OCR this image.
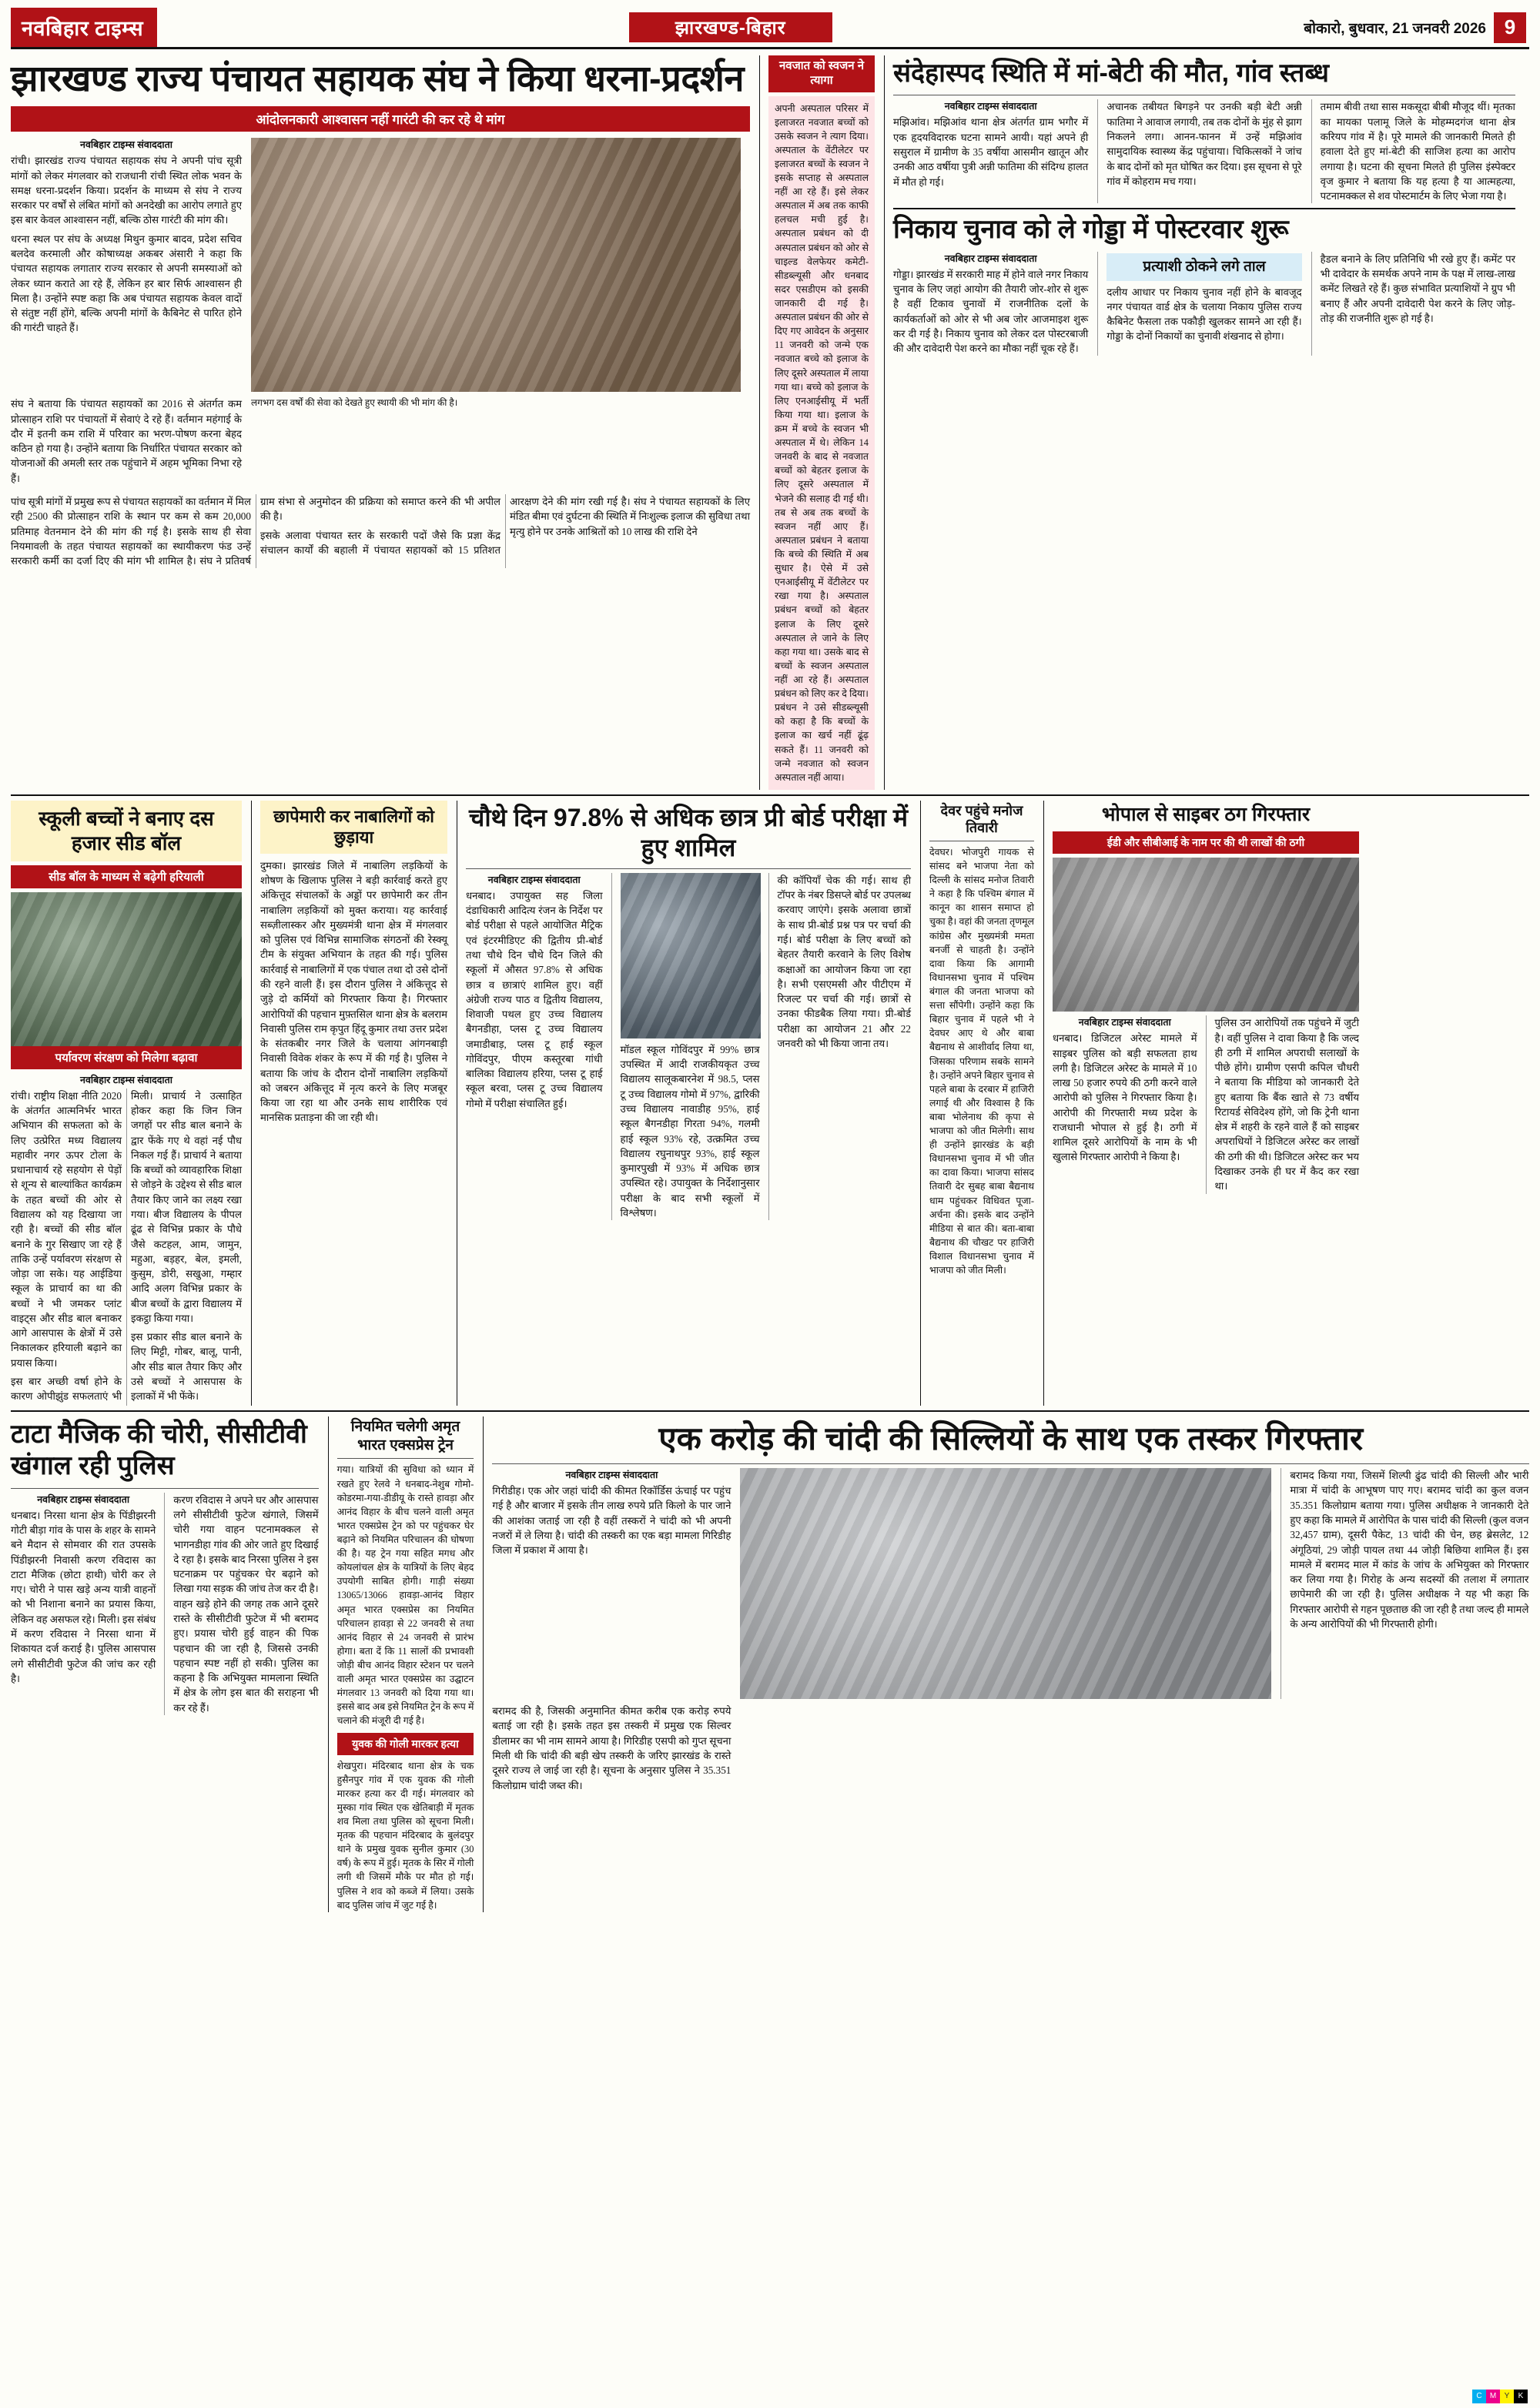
नवबिहार टाइम्स	झारखण्ड-बिहार	बोकारो, बुधवार, 21 जनवरी 2026 9
झारखण्ड राज्य पंचायत सहायक संघ ने किया धरना-प्रदर्शन
आंदोलनकारी आश्वासन नहीं गारंटी की कर रहे थे मांग
नवबिहार टाइम्स संवाददाता

रांची। झारखंड राज्य पंचायत सहायक संघ ने अपनी पांच सूत्री मांगों को लेकर मंगलवार को राजधानी रांची स्थित लोक भवन के समक्ष धरना-प्रदर्शन किया। प्रदर्शन के माध्यम से संघ ने राज्य सरकार पर वर्षों से लंबित मांगों को अनदेखी का आरोप लगाते हुए इस बार केवल आश्वासन नहीं, बल्कि ठोस गारंटी की मांग की।

धरना स्थल पर संघ के अध्यक्ष मिथुन कुमार बादव, प्रदेश सचिव बलदेव करमाली और कोषाध्यक्ष अकबर अंसारी ने कहा कि पंचायत सहायक लगातार राज्य सरकार से अपनी समस्याओं को लेकर ध्यान कराते आ रहे हैं, लेकिन हर बार सिर्फ आश्वासन ही मिला है। उन्होंने स्पष्ट कहा कि अब पंचायत सहायक केवल वादों से संतुष्ट नहीं होंगे, बल्कि अपनी मांगों के कैबिनेट से पारित होने की गारंटी चाहते हैं।

संघ ने बताया कि पंचायत सहायकों का 2016 से अंतर्गत कम प्रोत्साहन राशि पर पंचायतों में सेवाएं दे रहे हैं। वर्तमान महंगाई के दौर में इतनी कम राशि में परिवार का भरण-पोषण करना बेहद कठिन हो गया है। उन्होंने बताया कि निर्धारित पंचायत सरकार को योजनाओं की अमली स्तर तक पहुंचाने में अहम भूमिका निभा रहे हैं।

लगभग दस वर्षों की सेवा को देखते हुए स्थायी की भी मांग की है।

पांच सूत्री मांगों में प्रमुख रूप से पंचायत सहायकों का वर्तमान में मिल रही 2500 की प्रोत्साहन राशि के स्थान पर कम से कम 20,000 प्रतिमाह वेतनमान देने की मांग की गई है। इसके साथ ही सेवा नियमावली के तहत पंचायत सहायकों का स्थायीकरण फंड उन्हें सरकारी कर्मी का दर्जा दिए की मांग भी शामिल है। संघ ने प्रतिवर्ष ग्राम संभा से अनुमोदन की प्रक्रिया को समाप्त करने की भी अपील की है।

इसके अलावा पंचायत स्तर के सरकारी पदों जैसे कि प्रज्ञा केंद्र संचालन कार्यों की बहाली में पंचायत सहायकों को 15 प्रतिशत आरक्षण देने की मांग रखी गई है। संघ ने पंचायत सहायकों के लिए मंडित बीमा एवं दुर्घटना की स्थिति में निःशुल्क इलाज की सुविधा तथा मृत्यु होने पर उनके आश्रितों को 10 लाख की राशि देने

नवजात को स्वजन ने त्यागा
अपनी अस्पताल परिसर में इलाजरत नवजात बच्चों को उसके स्वजन ने त्याग दिया। अस्पताल के वेंटीलेटर पर इलाजरत बच्चों के स्वजन ने इसके सप्ताह से अस्पताल नहीं आ रहे हैं। इसे लेकर अस्पताल में अब तक काफी हलचल मची हुई है। अस्पताल प्रबंधन को दी अस्पताल प्रबंधन को ओर से चाइल्ड वेलफेयर कमेटी- सीडब्ल्यूसी और धनबाद सदर एसडीएम को इसकी जानकारी दी गई है। अस्पताल प्रबंधन की ओर से दिए गए आवेदन के अनुसार 11 जनवरी को जन्मे एक नवजात बच्चे को इलाज के लिए दूसरे अस्पताल में लाया गया था। बच्चे को इलाज के लिए एनआईसीयू में भर्ती किया गया था। इलाज के क्रम में बच्चे के स्वजन भी अस्पताल में थे। लेकिन 14 जनवरी के बाद से नवजात बच्चों को बेहतर इलाज के लिए दूसरे अस्पताल में भेजने की सलाह दी गई थी। तब से अब तक बच्चों के स्वजन नहीं आए हैं। अस्पताल प्रबंधन ने बताया कि बच्चे की स्थिति में अब सुधार है। ऐसे में उसे एनआईसीयू में वेंटीलेटर पर रखा गया है। अस्पताल प्रबंधन बच्चों को बेहतर इलाज के लिए दूसरे अस्पताल ले जाने के लिए कहा गया था। उसके बाद से बच्चों के स्वजन अस्पताल नहीं आ रहे हैं। अस्पताल प्रबंधन को लिए कर दे दिया। प्रबंधन ने उसे सीडब्ल्यूसी को कहा है कि बच्चों के इलाज का खर्च नहीं ढूंढ़ सकते हैं। 11 जनवरी को जन्मे नवजात को स्वजन अस्पताल नहीं आया।
संदेहास्पद स्थिति में मां-बेटी की मौत, गांव स्तब्ध
नवबिहार टाइम्स संवाददाता
मझिआंव। मझिआंव थाना क्षेत्र अंतर्गत ग्राम भगौर में एक हृदयविदारक घटना सामने आयी। यहां अपने ही ससुराल में ग्रामीण के 35 वर्षीया आसमीन खातून और उनकी आठ वर्षीया पुत्री अन्नी फातिमा की संदिग्ध हालत में मौत हो गई।
अचानक तबीयत बिगड़ने पर उनकी बड़ी बेटी अन्नी फातिमा ने आवाज लगायी, तब तक दोनों के मुंह से झाग निकलने लगा। आनन-फानन में उन्हें मझिआंव सामुदायिक स्वास्थ्य केंद्र पहुंचाया। चिकित्सकों ने जांच के बाद दोनों को मृत घोषित कर दिया। इस सूचना से पूरे गांव में कोहराम मच गया।
तमाम बीवी तथा सास मकसूदा बीबी मौजूद थीं। मृतका का मायका पलामू जिले के मोहम्मदगंज थाना क्षेत्र करियप गांव में है। पूरे मामले की जानकारी मिलते ही हवाला देते हुए मां-बेटी की साजिश हत्या का आरोप लगाया है। घटना की सूचना मिलते ही पुलिस इंस्पेक्टर वृज कुमार ने बताया कि यह हत्या है या आत्महत्या, पटनामक्कल से शव पोस्टमार्टम के लिए भेजा गया है।
निकाय चुनाव को ले गोड्डा में पोस्टरवार शुरू
नवबिहार टाइम्स संवाददाता
गोड्डा। झारखंड में सरकारी माह में होने वाले नगर निकाय चुनाव के लिए जहां आयोग की तैयारी जोर-शोर से शुरू है वहीं टिकाव चुनावों में राजनीतिक दलों के कार्यकर्ताओं को ओर से भी अब जोर आजमाइश शुरू कर दी गई है। निकाय चुनाव को लेकर दल पोस्टरबाजी की और दावेदारी पेश करने का मौका नहीं चूक रहे हैं।
प्रत्याशी ठोकने लगे ताल
दलीय आधार पर निकाय चुनाव नहीं होने के बावजूद नगर पंचायत वार्ड क्षेत्र के चलाया निकाय पुलिस राज्य कैबिनेट फैसला तक पकौड़ी खुलकर सामने आ रही हैं। गोड्डा के दोनों निकायों का चुनावी शंखनाद से होगा।
हैडल बनाने के लिए प्रतिनिधि भी रखे हुए हैं। कमेंट पर भी दावेदार के समर्थक अपने नाम के पक्ष में लाख-लाख कमेंट लिखते रहे हैं। कुछ संभावित प्रत्याशियों ने ग्रुप भी बनाए हैं और अपनी दावेदारी पेश करने के लिए जोड़-तोड़ की राजनीति शुरू हो गई है।
स्कूली बच्चों ने बनाए दस हजार सीड बॉल
सीड बॉल के माध्यम से बढ़ेगी हरियाली
पर्यावरण संरक्षण को मिलेगा बढ़ावा
नवबिहार टाइम्स संवाददाता

रांची। राष्ट्रीय शिक्षा नीति 2020 के अंतर्गत आत्मनिर्भर भारत अभियान की सफलता को के लिए उत्प्रेरित मध्य विद्यालय महावीर नगर ऊपर टोला के प्रधानाचार्य रहे सहयोग से पेड़ों से शून्य से बाल्यांकित कार्यक्रम के तहत बच्चों की ओर से विद्यालय को यह दिखाया जा रही है। बच्चों की सीड बॉल बनाने के गुर सिखाए जा रहे हैं ताकि उन्हें पर्यावरण संरक्षण से जोड़ा जा सके। यह आईडिया स्कूल के प्राचार्य का था की बच्चों ने भी जमकर प्लांट वाइट्स और सीड बाल बनाकर आगे आसपास के क्षेत्रों में उसे निकालकर हरियाली बढ़ाने का प्रयास किया।

इस बार अच्छी वर्षा होने के कारण ओपीझुंड सफलताएं भी मिली। प्राचार्य ने उत्साहित होकर कहा कि जिन जिन जगहों पर सीड बाल बनाने के द्वार फेंके गए थे वहां नई पौध निकल गई हैं। प्राचार्य ने बताया कि बच्चों को व्यावहारिक शिक्षा से जोड़ने के उद्देश्य से सीड बाल तैयार किए जाने का लक्ष्य रखा गया। बीज विद्यालय के पीपल ढूंढ से विभिन्न प्रकार के पौधे जैसे कटहल, आम, जामुन, महुआ, बड़हर, बेल, इमली, कुसुम, डोरी, सखुआ, गम्हार आदि अलग विभिन्न प्रकार के बीज बच्चों के द्वारा विद्यालय में इकट्ठा किया गया।

इस प्रकार सीड बाल बनाने के लिए मिट्टी, गोबर, बालू, पानी, और सीड बाल तैयार किए और उसे बच्चों ने आसपास के इलाकों में भी फेंके।

छापेमारी कर नाबालिगों को छुड़ाया
दुमका। झारखंड जिले में नाबालिग लड़कियों के शोषण के खिलाफ पुलिस ने बड़ी कार्रवाई करते हुए अंकित्तूद संचालकों के अड्डों पर छापेमारी कर तीन नाबालिग लड़कियों को मुक्त कराया। यह कार्रवाई सब्ज़ीलास्कर और मुख्यमंत्री थाना क्षेत्र में मंगलवार को पुलिस एवं विभिन्न सामाजिक संगठनों की रेस्क्यू टीम के संयुक्त अभियान के तहत की गई। पुलिस कार्रवाई से नाबालिगों में एक पंचाल तथा दो उसे दोनों की रहने वाली हैं। इस दौरान पुलिस ने अंकित्तूद से जुड़े दो कर्मियों को गिरफ्तार किया है। गिरफ्तार आरोपियों की पहचान मुफ़्तसिल थाना क्षेत्र के बलराम निवासी पुलिस राम कृपुत हिंदू कुमार तथा उत्तर प्रदेश के संतकबीर नगर जिले के चलाया आंगनबाड़ी निवासी विवेक शंकर के रूप में की गई है। पुलिस ने बताया कि जांच के दौरान दोनों नाबालिग लड़कियों को जबरन अंकित्तूद में नृत्य करने के लिए मजबूर किया जा रहा था और उनके साथ शारीरिक एवं मानसिक प्रताड़ना की जा रही थी।
चौथे दिन 97.8% से अधिक छात्र प्री बोर्ड परीक्षा में हुए शामिल
नवबिहार टाइम्स संवाददाता
धनबाद। उपायुक्त सह जिला दंडाधिकारी आदित्य रंजन के निर्देश पर बोर्ड परीक्षा से पहले आयोजित मैट्रिक एवं इंटरमीडिएट की द्वितीय प्री-बोर्ड तथा चौथे दिन चौथे दिन जिले की स्कूलों में औसत 97.8% से अधिक छात्र व छात्राएं शामिल हुए। वहीं अंग्रेजी राज्य पाठ व द्वितीय विद्यालय, शिवाजी पथल हुए उच्च विद्यालय बैगनडीहा, प्लस टू उच्च विद्यालय जमाडीबाड़, प्लस टू हाई स्कूल गोविंदपुर, पीएम कस्तूरबा गांधी बालिका विद्यालय हरिया, प्लस टू हाई स्कूल बरवा, प्लस टू उच्च विद्यालय गोमो में परीक्षा संचालित हुई।
मॉडल स्कूल गोविंदपुर में 99% छात्र उपस्थित में आदी राजकीयकृत उच्च विद्यालय सालूकबारनेश में 98.5, प्लस टू उच्च विद्यालय गोमो में 97%, द्वारिकी उच्च विद्यालय नावाडीह 95%, हाई स्कूल बैगनडीहा गिरता 94%, गलमी हाई स्कूल 93% रहे, उत्क्रमित उच्च विद्यालय रघुनाथपुर 93%, हाई स्कूल कुमारपुखी में 93% में अधिक छात्र उपस्थित रहे। उपायुक्त के निर्देशानुसार परीक्षा के बाद सभी स्कूलों में विश्लेषण।
की कॉपियाँ चेक की गई। साथ ही टॉपर के नंबर डिसप्ले बोर्ड पर उपलब्ध करवाए जाएंगे। इसके अलावा छात्रों के साथ प्री-बोर्ड प्रश्न पत्र पर चर्चा की गई। बोर्ड परीक्षा के लिए बच्चों को बेहतर तैयारी करवाने के लिए विशेष कक्षाओं का आयोजन किया जा रहा है। सभी एसएमसी और पीटीएम में रिजल्ट पर चर्चा की गई। छात्रों से उनका फीडबैक लिया गया। प्री-बोर्ड परीक्षा का आयोजन 21 और 22 जनवरी को भी किया जाना तय।
देवर पहुंचे मनोज तिवारी
देवघर। भोजपुरी गायक से सांसद बने भाजपा नेता को दिल्ली के सांसद मनोज तिवारी ने कहा है कि पश्चिम बंगाल में कानून का शासन समाप्त हो चुका है। वहां की जनता तृणमूल कांग्रेस और मुख्यमंत्री ममता बनर्जी से चाहती है। उन्होंने दावा किया कि आगामी विधानसभा चुनाव में पश्चिम बंगाल की जनता भाजपा को सत्ता सौंपेगी। उन्होंने कहा कि बिहार चुनाव में पहले भी ने देवघर आए थे और बाबा बैद्यनाथ से आशीर्वाद लिया था, जिसका परिणाम सबके सामने है। उन्होंने अपने बिहार चुनाव से पहले बाबा के दरबार में हाजिरी लगाई थी और विश्वास है कि बाबा भोलेनाथ की कृपा से भाजपा को जीत मिलेगी। साथ ही उन्होंने झारखंड के बड़ी विधानसभा चुनाव में भी जीत का दावा किया। भाजपा सांसद तिवारी देर सुबह बाबा बैद्यनाथ धाम पहुंचकर विधिवत पूजा-अर्चना की। इसके बाद उन्होंने मीडिया से बात की। बता-बाबा बैद्यनाथ की चौखट पर हाजिरी विशाल विधानसभा चुनाव में भाजपा को जीत मिली।
भोपाल से साइबर ठग गिरफ्तार
ईडी और सीबीआई के नाम पर की थी लाखों की ठगी
नवबिहार टाइम्स संवाददाता
धनबाद। डिजिटल अरेस्ट मामले में साइबर पुलिस को बड़ी सफलता हाथ लगी है। डिजिटल अरेस्ट के मामले में 10 लाख 50 हजार रुपये की ठगी करने वाले आरोपी को पुलिस ने गिरफ्तार किया है। आरोपी की गिरफ्तारी मध्य प्रदेश के राजधानी भोपाल से हुई है। ठगी में शामिल दूसरे आरोपियों के नाम के भी खुलासे गिरफ्तार आरोपी ने किया है।
पुलिस उन आरोपियों तक पहुंचने में जुटी है। वहीं पुलिस ने दावा किया है कि जल्द ही ठगी में शामिल अपराधी सलाखों के पीछे होंगे। ग्रामीण एसपी कपिल चौधरी ने बताया कि मीडिया को जानकारी देते हुए बताया कि बैंक खाते से 73 वर्षीय रिटायर्ड सेविदेश्य होंगे, जो कि ट्रेनी थाना क्षेत्र में शहरी के रहने वाले हैं को साइबर अपराधियों ने डिजिटल अरेस्ट कर लाखों की ठगी की थी। डिजिटल अरेस्ट कर भय दिखाकर उनके ही घर में कैद कर रखा था।
टाटा मैजिक की चोरी, सीसीटीवी खंगाल रही पुलिस
नवबिहार टाइम्स संवाददाता
धनबाद। निरसा थाना क्षेत्र के पिंडीझरनी गोटी बीड़ा गांव के पास के शहर के सामने बने मैदान से सोमवार की रात उपसके पिंडीझरनी निवासी करण रविदास का टाटा मैजिक (छोटा हाथी) चोरी कर ले गए। चोरी ने पास खड़े अन्य यात्री वाहनों को भी निशाना बनाने का प्रयास किया, लेकिन वह असफल रहे। मिली। इस संबंध में करण रविदास ने निरसा थाना में शिकायत दर्ज कराई है। पुलिस आसपास लगे सीसीटीवी फुटेज की जांच कर रही है।
करण रविदास ने अपने घर और आसपास लगे सीसीटीवी फुटेज खंगाले, जिसमें चोरी गया वाहन पटनामक्कल से भागनडीहा गांव की ओर जाते हुए दिखाई दे रहा है। इसके बाद निरसा पुलिस ने इस घटनाक्रम पर पहुंचकर घेर बढ़ाने को लिखा गया सड़क की जांच तेज कर दी है। वाहन खड़े होने की जगह तक आने दूसरे रास्ते के सीसीटीवी फुटेज में भी बरामद हुए। प्रयास चोरी हुई वाहन की पिक पहचान की जा रही है, जिससे उनकी पहचान स्पष्ट नहीं हो सकी। पुलिस का कहना है कि अभियुक्त मामलाना स्थिति में क्षेत्र के लोग इस बात की सराहना भी कर रहे हैं।
नियमित चलेगी अमृत भारत एक्सप्रेस ट्रेन
गया। यात्रियों की सुविधा को ध्यान में रखते हुए रेलवे ने धनबाद-नेशुब गोमो-कोडरमा-गया-डीडीयू के रास्ते हावड़ा और आनंद विहार के बीच चलने वाली अमृत भारत एक्सप्रेस ट्रेन को पर पहुंचकर घेर बढ़ाने को नियमित परिचालन की घोषणा की है। यह ट्रेन गया सहित मगध और कोयलांचल क्षेत्र के यात्रियों के लिए बेहद उपयोगी साबित होगी। गाड़ी संख्या 13065/13066 हावड़ा-आनंद विहार अमृत भारत एक्सप्रेस का नियमित परिचालन हावड़ा से 22 जनवरी से तथा आनंद विहार से 24 जनवरी से प्रारंभ होगा। बता दें कि 11 सालों की प्रभावशी जोड़ी बीच आनंद विहार स्टेशन पर चलने वाली अमृत भारत एक्सप्रेस का उद्घाटन मंगलवार 13 जनवरी को दिया गया था। इससे बाद अब इसे नियमित ट्रेन के रूप में चलाने की मंजूरी दी गई है।
युवक की गोली मारकर हत्या
शेखपुरा। मंदिरबाद थाना क्षेत्र के चक हुसैनपुर गांव में एक युवक की गोली मारकर हत्या कर दी गई। मंगलवार को मुस्का गांव स्थित एक खेतिबाड़ी में मृतक शव मिला तथा पुलिस को सूचना मिली। मृतक की पहचान मंदिरबाद के बुलंदपुर थाने के प्रमुख युवक सुनील कुमार (30 वर्ष) के रूप में हुई। मृतक के सिर में गोली लगी थी जिसमें मौके पर मौत हो गई। पुलिस ने शव को कब्जे में लिया। उसके बाद पुलिस जांच में जुट गई है।
एक करोड़ की चांदी की सिल्लियों के साथ एक तस्कर गिरफ्तार
नवबिहार टाइम्स संवाददाता
गिरीडीह। एक ओर जहां चांदी की कीमत रिकॉर्डिस ऊंचाई पर पहुंच गई है और बाजार में इसके तीन लाख रुपये प्रति किलो के पार जाने की आशंका जताई जा रही है वहीं तस्करों ने चांदी को भी अपनी नजरों में ले लिया है। चांदी की तस्करी का एक बड़ा मामला गिरिडीह जिला में प्रकाश में आया है।
बरामद किया गया, जिसमें शिल्पी ढुंढ चांदी की सिल्ली और भारी मात्रा में चांदी के आभूषण पाए गए। बरामद चांदी का कुल वजन 35.351 किलोग्राम बताया गया। पुलिस अधीक्षक ने जानकारी देते हुए कहा कि मामले में आरोपित के पास चांदी की सिल्ली (कुल वजन 32,457 ग्राम), दूसरी पैकेट, 13 चांदी की चेन, छह ब्रेसलेट, 12 अंगूठियां, 29 जोड़ी पायल तथा 44 जोड़ी बिछिया शामिल हैं। इस मामले में बरामद माल में कांड के जांच के अभियुक्त को गिरफ्तार कर लिया गया है। गिरोह के अन्य सदस्यों की तलाश में लगातार छापेमारी की जा रही है। पुलिस अधीक्षक ने यह भी कहा कि गिरफ्तार आरोपी से गहन पूछताछ की जा रही है तथा जल्द ही मामले के अन्य आरोपियों की भी गिरफ्तारी होगी।
बरामद की है, जिसकी अनुमानित कीमत करीब एक करोड़ रुपये बताई जा रही है। इसके तहत इस तस्करी में प्रमुख एक सिल्वर डीलामर का भी नाम सामने आया है। गिरिडीह एसपी को गुप्त सूचना मिली थी कि चांदी की बड़ी खेप तस्करी के जरिए झारखंड के रास्ते दूसरे राज्य ले जाई जा रही है। सूचना के अनुसार पुलिस ने 35.351 किलोग्राम चांदी जब्त की।
C	M	Y	K
